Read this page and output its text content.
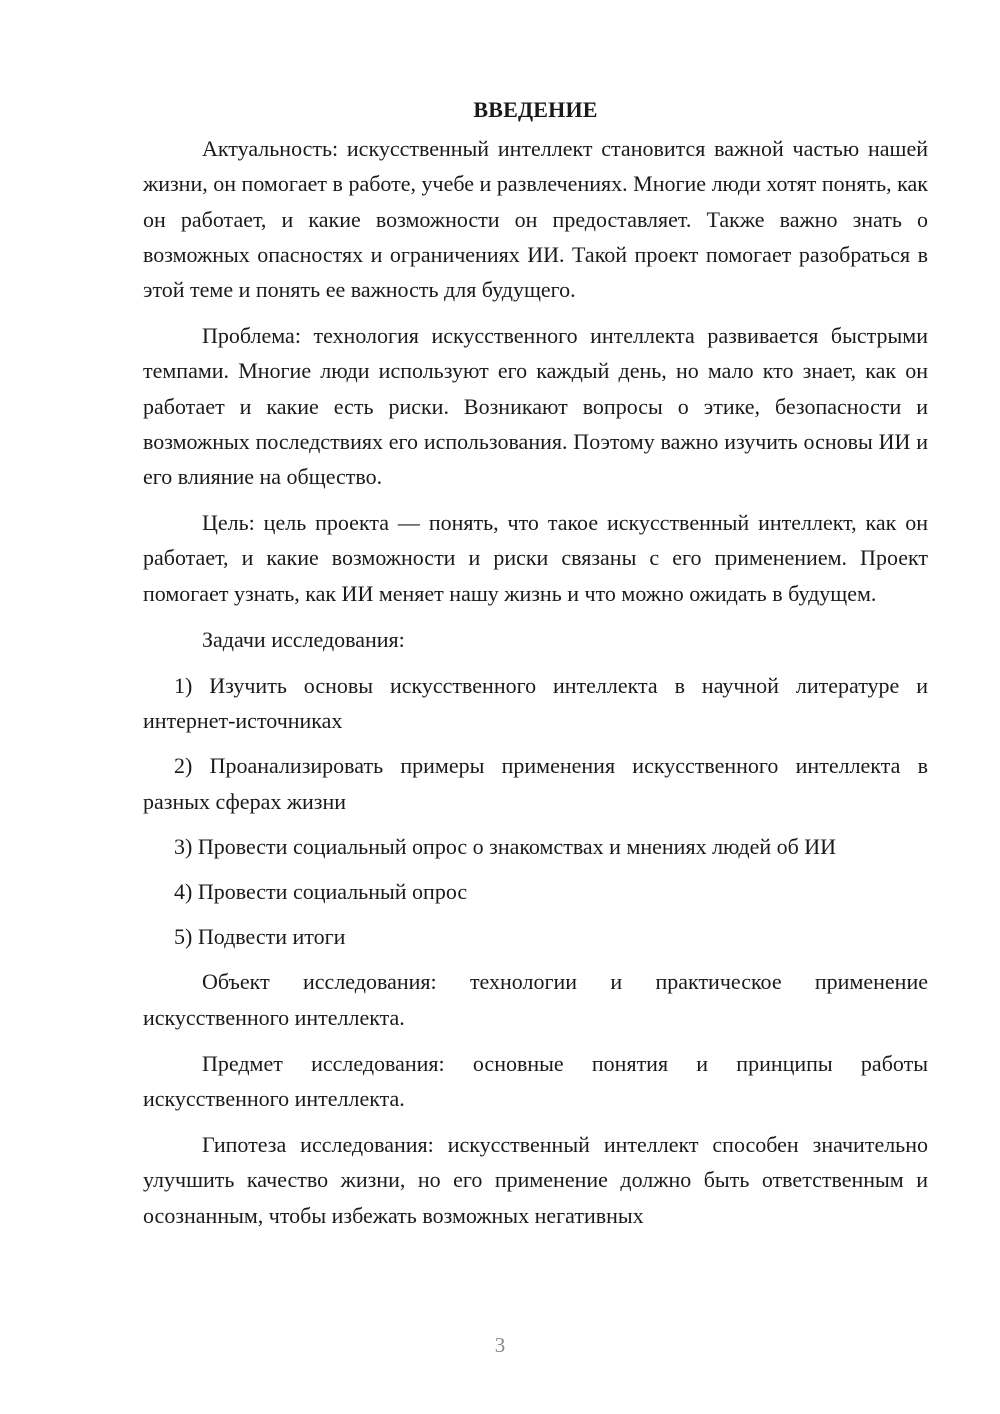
ВВЕДЕНИЕ

Актуальность: искусственный интеллект становится важной частью нашей жизни, он помогает в работе, учебе и развлечениях. Многие люди хотят понять, как он работает, и какие возможности он предоставляет. Также важно знать о возможных опасностях и ограничениях ИИ. Такой проект помогает разобраться в этой теме и понять ее важность для будущего.

Проблема: технология искусственного интеллекта развивается быстрыми темпами. Многие люди используют его каждый день, но мало кто знает, как он работает и какие есть риски. Возникают вопросы о этике, безопасности и возможных последствиях его использования. Поэтому важно изучить основы ИИ и его влияние на общество.

Цель: цель проекта — понять, что такое искусственный интеллект, как он работает, и какие возможности и риски связаны с его применением. Проект помогает узнать, как ИИ меняет нашу жизнь и что можно ожидать в будущем.

Задачи исследования:

1) Изучить основы искусственного интеллекта в научной литературе и интернет-источниках

2) Проанализировать примеры применения искусственного интеллекта в разных сферах жизни

3) Провести социальный опрос о знакомствах и мнениях людей об ИИ

4) Провести социальный опрос

5) Подвести итоги

Объект исследования: технологии и практическое применение искусственного интеллекта.

Предмет исследования: основные понятия и принципы работы искусственного интеллекта.

Гипотеза исследования: искусственный интеллект способен значительно улучшить качество жизни, но его применение должно быть ответственным и осознанным, чтобы избежать возможных негативных

3
